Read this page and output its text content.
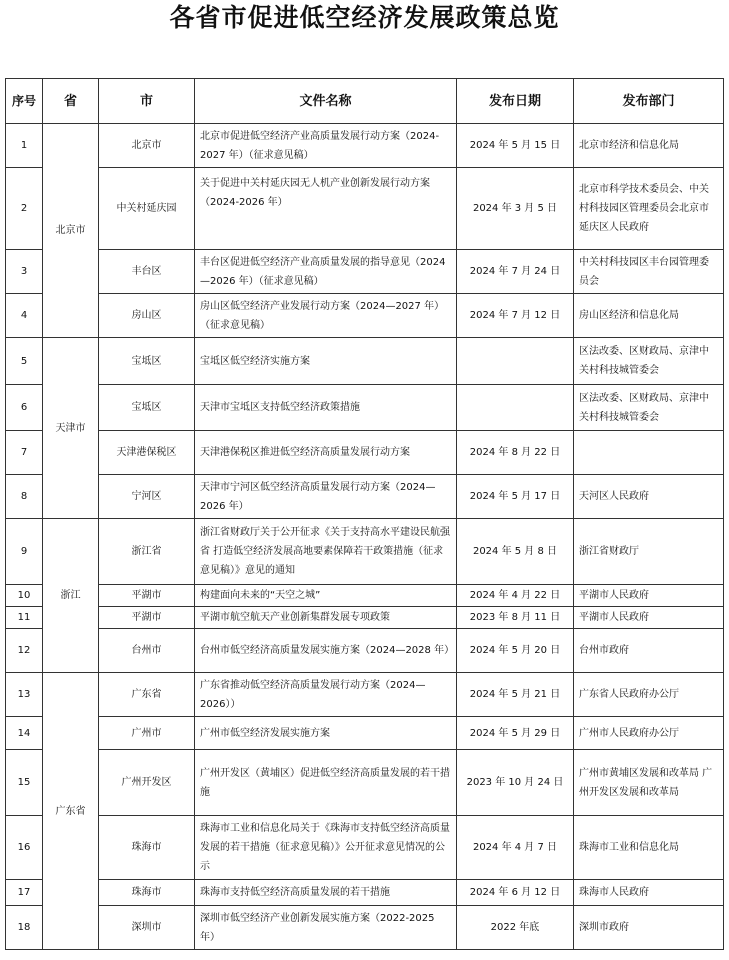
各省市促进低空经济发展政策总览
序号	省	市	文件名称	发布日期	发布部门
1	北京市	北京市	北京市促进低空经济产业高质量发展行动方案（2024-2027 年）（征求意见稿）	2024 年 5 月 15 日	北京市经济和信息化局
2		中关村延庆园	关于促进中关村延庆园无人机产业创新发展行动方案（2024-2026 年）	2024 年 3 月 5 日	北京市科学技术委员会、中关村科技园区管理委员会北京市延庆区人民政府
3		丰台区	丰台区促进低空经济产业高质量发展的指导意见（2024—2026 年）（征求意见稿）	2024 年 7 月 24 日	中关村科技园区丰台园管理委员会
4		房山区	房山区低空经济产业发展行动方案（2024—2027 年）（征求意见稿）	2024 年 7 月 12 日	房山区经济和信息化局
5	天津市	宝坻区	宝坻区低空经济实施方案		区法改委、区财政局、京津中关村科技城管委会
6		宝坻区	天津市宝坻区支持低空经济政策措施		区法改委、区财政局、京津中关村科技城管委会
7		天津港保税区	天津港保税区推进低空经济高质量发展行动方案	2024 年 8 月 22 日	
8		宁河区	天津市宁河区低空经济高质量发展行动方案（2024—2026 年）	2024 年 5 月 17 日	天河区人民政府
9	浙江	浙江省	浙江省财政厅关于公开征求《关于支持高水平建设民航强省 打造低空经济发展高地要素保障若干政策措施（征求意见稿）》意见的通知	2024 年 5 月 8 日	浙江省财政厅
10		平湖市	构建面向未来的“天空之城”	2024 年 4 月 22 日	平湖市人民政府
11		平湖市	平湖市航空航天产业创新集群发展专项政策	2023 年 8 月 11 日	平湖市人民政府
12		台州市	台州市低空经济高质量发展实施方案（2024—2028 年）	2024 年 5 月 20 日	台州市政府
13	广东省	广东省	广东省推动低空经济高质量发展行动方案（2024—2026））	2024 年 5 月 21 日	广东省人民政府办公厅
14		广州市	广州市低空经济发展实施方案	2024 年 5 月 29 日	广州市人民政府办公厅
15		广州开发区	广州开发区（黄埔区）促进低空经济高质量发展的若干措施	2023 年 10 月 24 日	广州市黄埔区发展和改革局 广州开发区发展和改革局
16		珠海市	珠海市工业和信息化局关于《珠海市支持低空经济高质量发展的若干措施（征求意见稿）》公开征求意见情况的公示	2024 年 4 月 7 日	珠海市工业和信息化局
17		珠海市	珠海市支持低空经济高质量发展的若干措施	2024 年 6 月 12 日	珠海市人民政府
18		深圳市	深圳市低空经济产业创新发展实施方案（2022-2025 年）	2022 年底	深圳市政府
